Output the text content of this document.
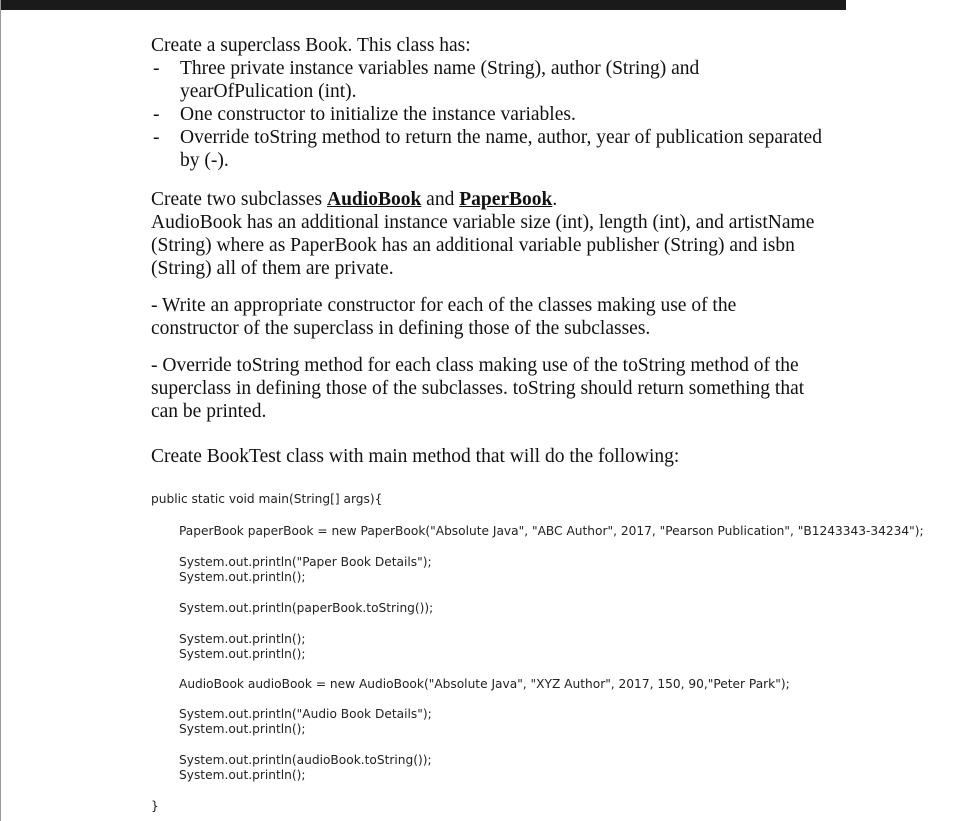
Create a superclass Book. This class has:

- Three private instance variables name (String), author (String) and
yearOfPulication (int).
- One constructor to initialize the instance variables.
- Override toString method to return the name, author, year of publication separated
by (-).

Create two subclasses AudioBook and PaperBook.

AudioBook has an additional instance variable size (int), length (int), and artistName

(String) where as PaperBook has an additional variable publisher (String) and isbn

(String) all of them are private.

- Write an appropriate constructor for each of the classes making use of the

constructor of the superclass in defining those of the subclasses.

- Override toString method for each class making use of the toString method of the

superclass in defining those of the subclasses. toString should return something that

can be printed.

Create BookTest class with main method that will do the following:

public static void main(String[] args){
PaperBook paperBook = new PaperBook("Absolute Java", "ABC Author", 2017, "Pearson Publication", "B1243343-34234");
System.out.println("Paper Book Details");
System.out.println();
System.out.println(paperBook.toString());
System.out.println();
System.out.println();
AudioBook audioBook = new AudioBook("Absolute Java", "XYZ Author", 2017, 150, 90,"Peter Park");
System.out.println("Audio Book Details");
System.out.println();
System.out.println(audioBook.toString());
System.out.println();
}
